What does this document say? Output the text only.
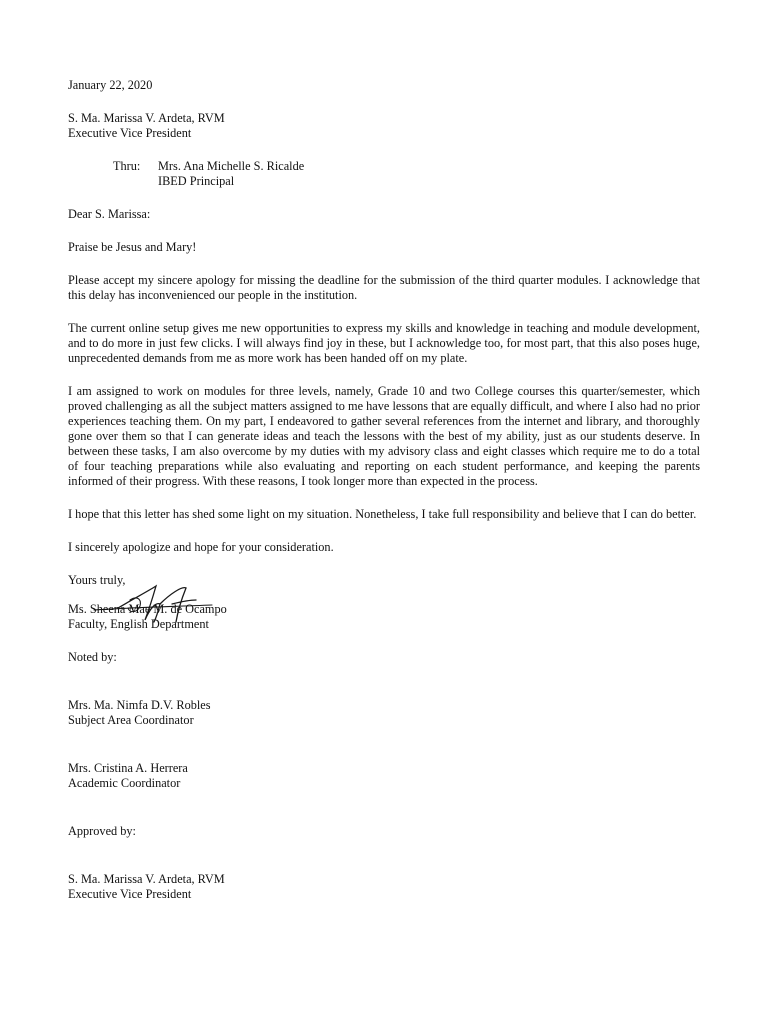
January 22, 2020
S. Ma. Marissa V. Ardeta, RVM
Executive Vice President
Thru:	Mrs. Ana Michelle S. Ricalde
IBED Principal
Dear S. Marissa:
Praise be Jesus and Mary!

Please accept my sincere apology for missing the deadline for the submission of the third quarter modules. I acknowledge that this delay has inconvenienced our people in the institution.

The current online setup gives me new opportunities to express my skills and knowledge in teaching and module development, and to do more in just few clicks. I will always find joy in these, but I acknowledge too, for most part, that this also poses huge, unprecedented demands from me as more work has been handed off on my plate.

I am assigned to work on modules for three levels, namely, Grade 10 and two College courses this quarter/semester, which proved challenging as all the subject matters assigned to me have lessons that are equally difficult, and where I also had no prior experiences teaching them. On my part, I endeavored to gather several references from the internet and library, and thoroughly gone over them so that I can generate ideas and teach the lessons with the best of my ability, just as our students deserve. In between these tasks, I am also overcome by my duties with my advisory class and eight classes which require me to do a total of four teaching preparations while also evaluating and reporting on each student performance, and keeping the parents informed of their progress. With these reasons, I took longer more than expected in the process.

I hope that this letter has shed some light on my situation. Nonetheless, I take full responsibility and believe that I can do better.

I sincerely apologize and hope for your consideration.

Yours truly,
Ms. Sheena Mae M. de Ocampo
Faculty, English Department
Noted by:
Mrs. Ma. Nimfa D.V. Robles
Subject Area Coordinator
Mrs. Cristina A. Herrera
Academic Coordinator
Approved by:
S. Ma. Marissa V. Ardeta, RVM
Executive Vice President
